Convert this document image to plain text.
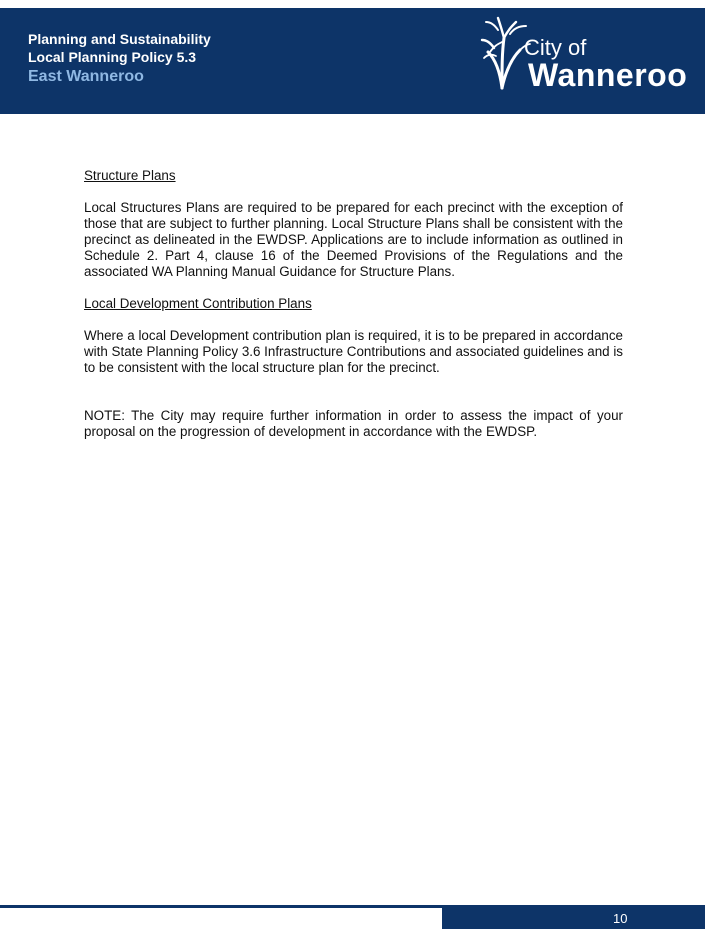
Planning and Sustainability
Local Planning Policy 5.3
East Wanneroo
City of
Wanneroo

Structure Plans

Local Structures Plans are required to be prepared for each precinct with the exception of those that are subject to further planning. Local Structure Plans shall be consistent with the precinct as delineated in the EWDSP. Applications are to include information as outlined in Schedule 2. Part 4, clause 16 of the Deemed Provisions of the Regulations and the associated WA Planning Manual Guidance for Structure Plans.

Local Development Contribution Plans

Where a local Development contribution plan is required, it is to be prepared in accordance with State Planning Policy 3.6 Infrastructure Contributions and associated guidelines and is to be consistent with the local structure plan for the precinct.

NOTE: The City may require further information in order to assess the impact of your proposal on the progression of development in accordance with the EWDSP.

10
